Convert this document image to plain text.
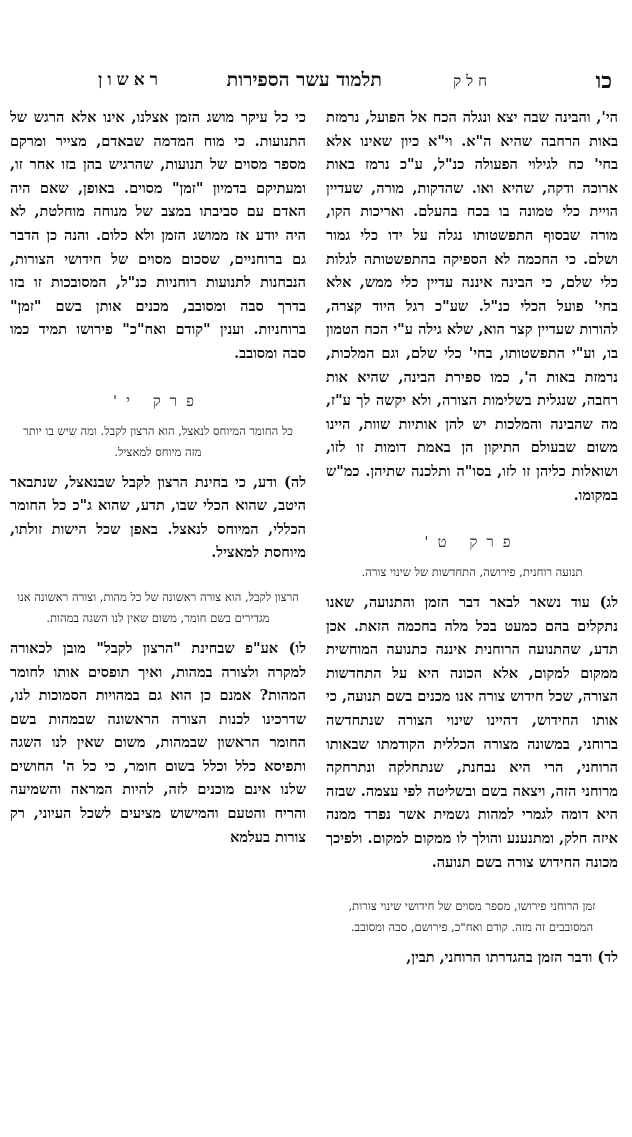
כו
חלק
תלמוד עשר הספירות
ראשון

הי', והבינה שבה יצא ונגלה הכח אל הפועל, נרמזת באות הרחבה שהיא ה"א. וי"א כיון שאינו אלא בחי' כח לגילוי הפעולה כנ"ל, ע"כ נרמז באות ארוכה ודקה, שהיא ואו. שהדקות, מורה, שעדיין הויית כלי טמונה בו בכח בהעלם. ואריכות הקו, מורה שבסוף התפשטותו נגלה על ידו כלי גמור ושלם. כי החכמה לא הספיקה בהתפשטותה לגלות כלי שלם, כי הבינה איננה עדיין כלי ממש, אלא בחי' פועל הכלי כנ"ל. שע"כ רגל היוד קצרה, להורות שעדיין קצר הוא, שלא גילה ע"י הכח הטמון בו, וע"י התפשטותו, בחי' כלי שלם, וגם המלכות, נרמזת באות ה', כמו ספירת הבינה, שהיא אות רחבה, שנגלית בשלימות הצורה, ולא יקשה לך ע"ז, מה שהבינה והמלכות יש להן אותיות שוות, היינו משום שבעולם התיקון הן באמת דומות זו לזו, ושואלות כליהן זו לזו, בסו"ה ותלכנה שתיהן. כמ"ש במקומו.

פרק ט'
תנועה רוחנית, פירושה, התחדשות של שינוי צורה.

לג) עוד נשאר לבאר דבר הזמן והתנועה, שאנו נתקלים בהם כמעט בכל מלה בחכמה הזאת. אכן תדע, שהתנועה הרוחנית איננה כתנועה המוחשית ממקום למקום, אלא הכונה היא על התחדשות הצורה, שכל חידוש צורה אנו מכנים בשם תנועה, כי אותו החידוש, דהיינו שינוי הצורה שנתחדשה ברוחני, במשונה מצורה הכללית הקודמתו שבאותו הרוחני, הרי היא נבחנת, שנתחלקה ונתרחקה מרוחני הזה, ויצאה בשם ובשליטה לפי עצמה. שבזה היא דומה לגמרי למהות גשמית אשר נפרד ממנה איזה חלק, ומתנענע והולך לו ממקום למקום. ולפיכך מכונה החידוש צורה בשם תנועה.

זמן הרוחני פירושו, מספר מסוים של חידושי שינוי צורות, המסובבים זה מזה. קודם ואח"כ, פירושם, סבה ומסובב.

לד) ודבר הזמן בהגדרתו הרוחני, תבין,

כי כל עיקר מושג הזמן אצלנו, אינו אלא הרגש של התנועות. כי מוח המדמה שבאדם, מצייר ומרקם מספר מסוים של תנועות, שהרגיש בהן בזו אחר זו, ומעתיקם בדמיון "זמן" מסוים. באופן, שאם היה האדם עם סביבתו במצב של מנוחה מוחלטת, לא היה יודע אז ממושג הזמן ולא כלום. והנה כן הדבר גם ברוחניים, שסכום מסוים של חידושי הצורות, הנבחנות לתנועות רוחניות כנ"ל, המסובכות זו בזו בדרך סבה ומסובב, מכנים אותן בשם "זמן" ברוחניות. וענין "קודם ואח"כ" פירושו תמיד כמו סבה ומסובב.

פרק י'
כל החומר המיוחס לנאצל, הוא הרצון לקבל. ומה שיש בו יותר מזה מיוחס למאציל.

לה) ודע, כי בחינת הרצון לקבל שבנאצל, שנתבאר היטב, שהוא הכלי שבו, תדע, שהוא ג"כ כל החומר הכללי, המיוחס לנאצל. באפן שכל הישות זולתו, מיוחסת למאציל.

הרצון לקבל, הוא צורה ראשונה של כל מהות, וצורה ראשונה אנו מגדירים בשם חומר, משום שאין לנו השגה במהות.

לו) אע"פ שבחינת "הרצון לקבל" מובן לכאורה למקרה ולצורה במהות, ואיך תופסים אותו לחומר המהות? אמנם כן הוא גם במהויות הסמוכות לנו, שדרכינו לכנות הצורה הראשונה שבמהות בשם החומר הראשון שבמהות, משום שאין לנו השגה ותפיסא כלל וכלל בשום חומר, כי כל ה' החושים שלנו אינם מוכנים לזה, להיות המראה והשמיעה והריח והטעם והמישוש מציעים לשכל העיוני, רק צורות בעלמא
